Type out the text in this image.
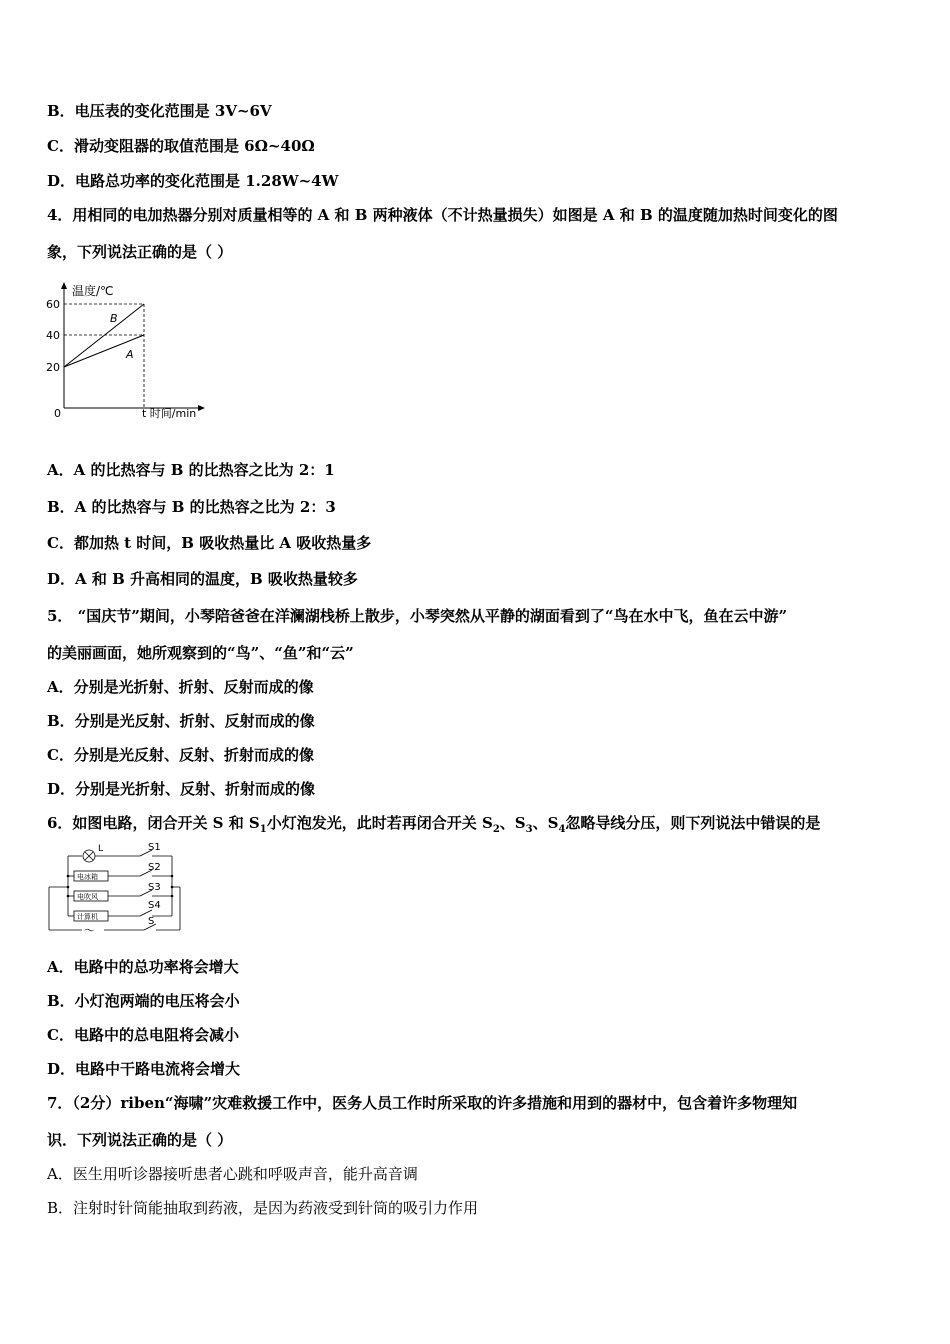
B．电压表的变化范围是 3V~6V
C．滑动变阻器的取值范围是 6Ω~40Ω
D．电路总功率的变化范围是 1.28W~4W
4．用相同的电加热器分别对质量相等的 A 和 B 两种液体（不计热量损失）如图是 A 和 B 的温度随加热时间变化的图
象，下列说法正确的是（ ）
温度/℃
60
40
20
0	t 时间/min
B
A
A．A 的比热容与 B 的比热容之比为 2：1
B．A 的比热容与 B 的比热容之比为 2：3
C．都加热 t 时间，B 吸收热量比 A 吸收热量多
D．A 和 B 升高相同的温度，B 吸收热量较多
5． “国庆节”期间，小琴陪爸爸在洋澜湖栈桥上散步，小琴突然从平静的湖面看到了“鸟在水中飞，鱼在云中游”
的美丽画面，她所观察到的“鸟”、“鱼”和“云”
A．分别是光折射、折射、反射而成的像
B．分别是光反射、折射、反射而成的像
C．分别是光反射、反射、折射而成的像
D．分别是光折射、反射、折射而成的像
6．如图电路，闭合开关 S 和 $S_1$小灯泡发光，此时若再闭合开关 $S_2$、$S_3$、$S_4$忽略导线分压，则下列说法中错误的是
L	S1
S2
S3
S4
S
电冰箱
电吹风
计算机
～
A．电路中的总功率将会增大
B．小灯泡两端的电压将会小
C．电路中的总电阻将会减小
D．电路中干路电流将会增大
7．（2分）riben“海啸”灾难救援工作中，医务人员工作时所采取的许多措施和用到的器材中，包含着许多物理知
识．下列说法正确的是（ ）
A．医生用听诊器接听患者心跳和呼吸声音，能升高音调
B．注射时针筒能抽取到药液，是因为药液受到针筒的吸引力作用
